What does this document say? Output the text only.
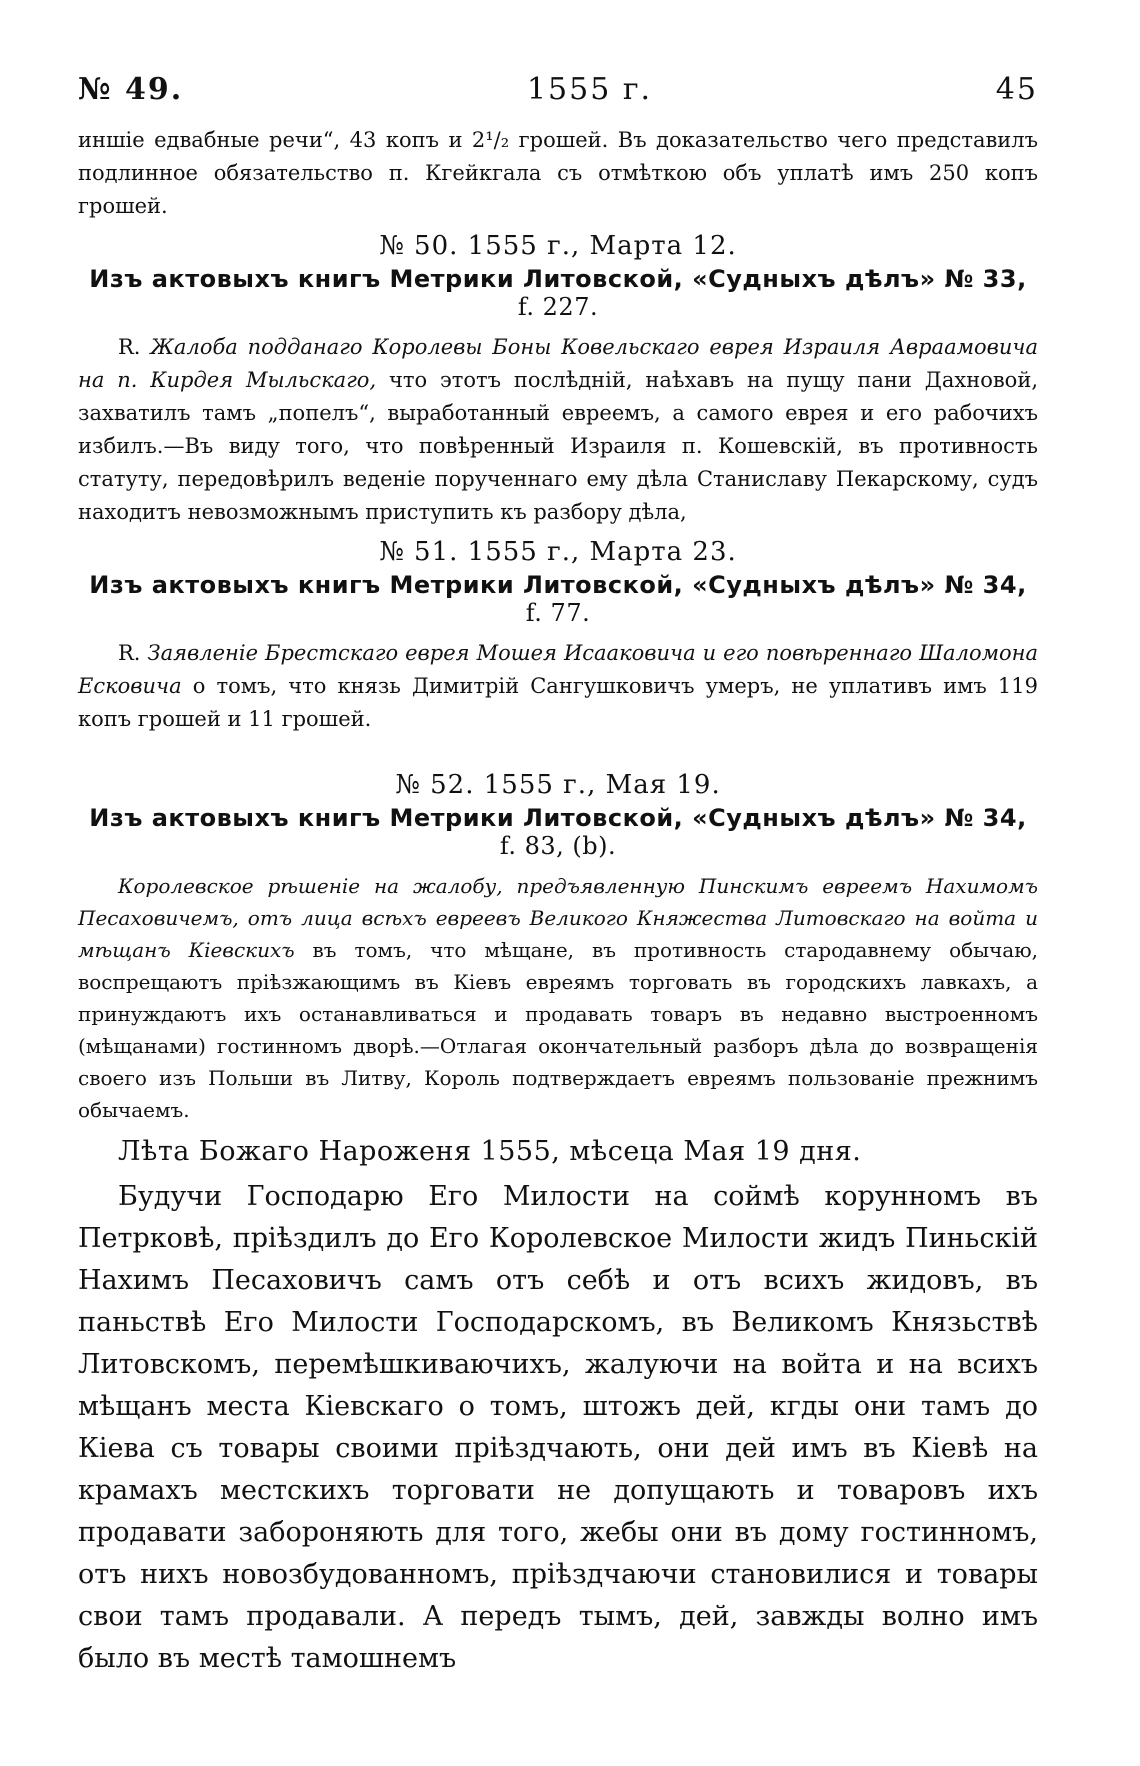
№ 49.	1555 г.	45

иншіе едвабные речи“, 43 копъ и 2¹/₂ грошей. Въ доказательство чего представилъ подлинное обязательство п. Кгейкгала съ отмѣткою объ уплатѣ имъ 250 копъ грошей.

№ 50. 1555 г., Марта 12.
Изъ актовыхъ книгъ Метрики Литовской, «Судныхъ дѣлъ» № 33, f. 227.

R. Жалоба подданаго Королевы Боны Ковельскаго еврея Израиля Авраамовича на п. Кирдея Мыльскаго, что этотъ послѣдній, наѣхавъ на пущу пани Дахновой, захватилъ тамъ „попелъ“, выработанный евреемъ, а самого еврея и его рабочихъ избилъ.—Въ виду того, что повѣренный Израиля п. Кошевскій, въ противность статуту, передовѣрилъ веденіе порученнаго ему дѣла Станиславу Пекарскому, судъ находитъ невозможнымъ приступить къ разбору дѣла,

№ 51. 1555 г., Марта 23.
Изъ актовыхъ книгъ Метрики Литовской, «Судныхъ дѣлъ» № 34, f. 77.

R. Заявленіе Брестскаго еврея Мошея Исааковича и его повѣреннаго Шаломона Есковича о томъ, что князь Димитрій Сангушковичъ умеръ, не уплативъ имъ 119 копъ грошей и 11 грошей.

№ 52. 1555 г., Мая 19.
Изъ актовыхъ книгъ Метрики Литовской, «Судныхъ дѣлъ» № 34, f. 83, (b).

Королевское рѣшеніе на жалобу, предъявленную Пинскимъ евреемъ Нахимомъ Песаховичемъ, отъ лица всѣхъ евреевъ Великого Княжества Литовскаго на войта и мѣщанъ Кіевскихъ въ томъ, что мѣщане, въ противность стародавнему обычаю, воспрещаютъ пріѣзжающимъ въ Кіевъ евреямъ торговать въ городскихъ лавкахъ, а принуждаютъ ихъ останавливаться и продавать товаръ въ недавно выстроенномъ (мѣщанами) гостинномъ дворѣ.—Отлагая окончательный разборъ дѣла до возвращенія своего изъ Польши въ Литву, Король подтверждаетъ евреямъ пользованіе прежнимъ обычаемъ.

Лѣта Божаго Нароженя 1555, мѣсеца Мая 19 дня.

Будучи Господарю Его Милости на соймѣ корунномъ въ Петрковѣ, пріѣздилъ до Его Королевское Милости жидъ Пиньскій Нахимъ Песаховичъ самъ отъ себѣ и отъ всихъ жидовъ, въ паньствѣ Его Милости Господарскомъ, въ Великомъ Князьствѣ Литовскомъ, перемѣшкиваючихъ, жалуючи на войта и на всихъ мѣщанъ места Кіевскаго о томъ, штожъ дей, кгды они тамъ до Кіева съ товары своими пріѣздчають, они дей имъ въ Кіевѣ на крамахъ местскихъ торговати не допущають и товаровъ ихъ продавати забороняють для того, жебы они въ дому гостинномъ, отъ нихъ новозбудованномъ, пріѣздчаючи становилися и товары свои тамъ продавали. А передъ тымъ, дей, завжды волно имъ было въ местѣ тамошнемъ
